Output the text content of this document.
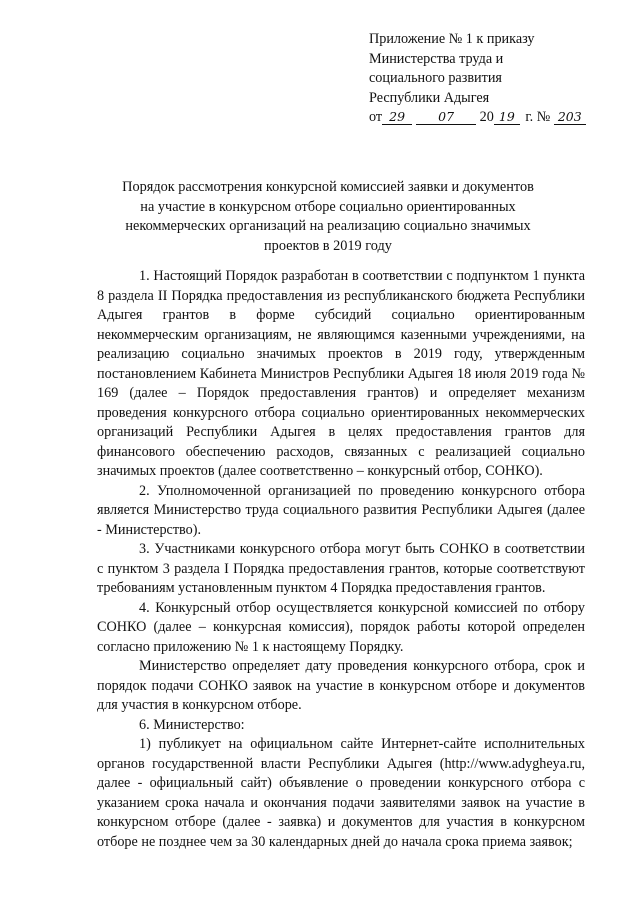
Приложение № 1 к приказу
Министерства труда и
социального развития
Республики Адыгея
от 29	07 20 19 г. № 203
Порядок рассмотрения конкурсной комиссией заявки и документов
на участие в конкурсном отборе социально ориентированных
некоммерческих организаций на реализацию социально значимых
проектов в 2019 году

1. Настоящий Порядок разработан в соответствии с подпунктом 1 пункта 8 раздела II Порядка предоставления из республиканского бюджета Республики Адыгея грантов в форме субсидий социально ориентированным некоммерческим организациям, не являющимся казенными учреждениями, на реализацию социально значимых проектов в 2019 году, утвержденным постановлением Кабинета Министров Республики Адыгея 18 июля 2019 года № 169 (далее – Порядок предоставления грантов) и определяет механизм проведения конкурсного отбора социально ориентированных некоммерческих организаций Республики Адыгея в целях предоставления грантов для финансового обеспечению расходов, связанных с реализацией социально значимых проектов (далее соответственно – конкурсный отбор, СОНКО).

2. Уполномоченной организацией по проведению конкурсного отбора является Министерство труда социального развития Республики Адыгея (далее - Министерство).

3. Участниками конкурсного отбора могут быть СОНКО в соответствии с пунктом 3 раздела I Порядка предоставления грантов, которые соответствуют требованиям установленным пунктом 4 Порядка предоставления грантов.

4. Конкурсный отбор осуществляется конкурсной комиссией по отбору СОНКО (далее – конкурсная комиссия), порядок работы которой определен согласно приложению № 1 к настоящему Порядку.

Министерство определяет дату проведения конкурсного отбора, срок и порядок подачи СОНКО заявок на участие в конкурсном отборе и документов для участия в конкурсном отборе.

6. Министерство:

1) публикует на официальном сайте Интернет-сайте исполнительных органов государственной власти Республики Адыгея (http://www.adygheya.ru, далее - официальный сайт) объявление о проведении конкурсного отбора с указанием срока начала и окончания подачи заявителями заявок на участие в конкурсном отборе (далее - заявка) и документов для участия в конкурсном отборе не позднее чем за 30 календарных дней до начала срока приема заявок;
